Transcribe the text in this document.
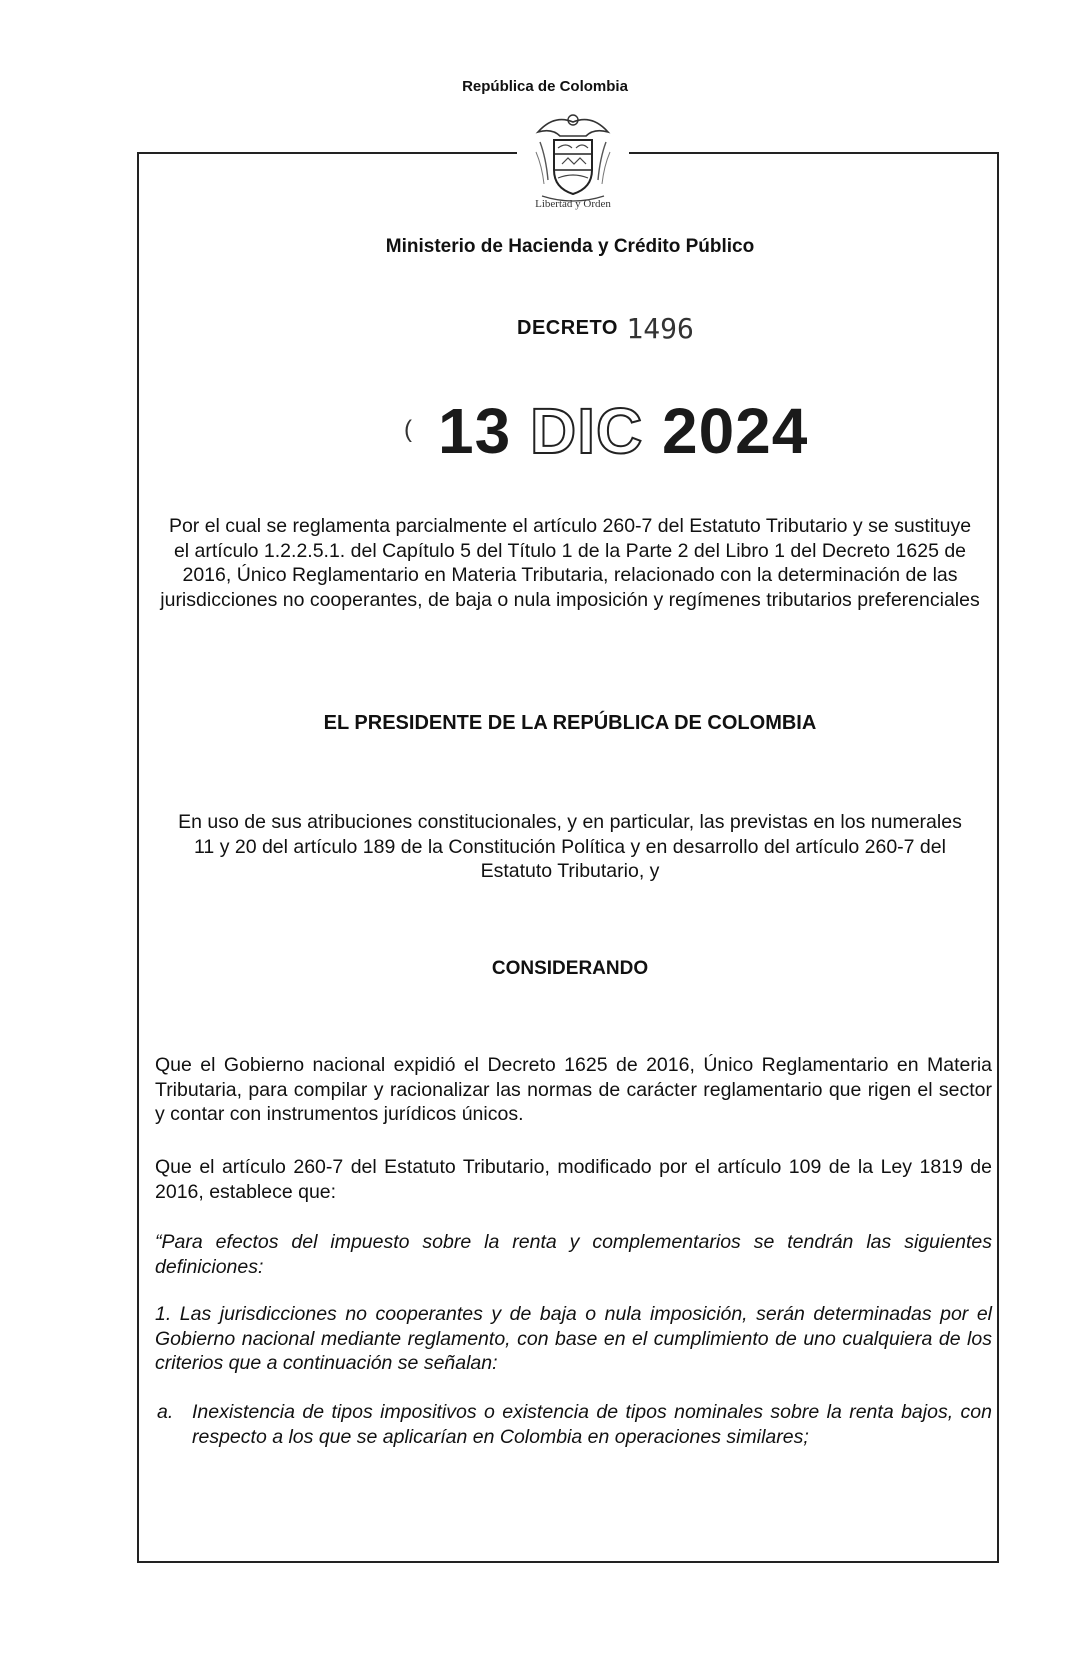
República de Colombia
Libertad y Orden
Ministerio de Hacienda y Crédito Público
DECRETO 1496
( 13 DIC 2024
Por el cual se reglamenta parcialmente el artículo 260-7 del Estatuto Tributario y se sustituye el artículo 1.2.2.5.1. del Capítulo 5 del Título 1 de la Parte 2 del Libro 1 del Decreto 1625 de 2016, Único Reglamentario en Materia Tributaria, relacionado con la determinación de las jurisdicciones no cooperantes, de baja o nula imposición y regímenes tributarios preferenciales
EL PRESIDENTE DE LA REPÚBLICA DE COLOMBIA
En uso de sus atribuciones constitucionales, y en particular, las previstas en los numerales 11 y 20 del artículo 189 de la Constitución Política y en desarrollo del artículo 260-7 del Estatuto Tributario, y
CONSIDERANDO
Que el Gobierno nacional expidió el Decreto 1625 de 2016, Único Reglamentario en Materia Tributaria, para compilar y racionalizar las normas de carácter reglamentario que rigen el sector y contar con instrumentos jurídicos únicos.
Que el artículo 260-7 del Estatuto Tributario, modificado por el artículo 109 de la Ley 1819 de 2016, establece que:
“Para efectos del impuesto sobre la renta y complementarios se tendrán las siguientes definiciones:
1. Las jurisdicciones no cooperantes y de baja o nula imposición, serán determinadas por el Gobierno nacional mediante reglamento, con base en el cumplimiento de uno cualquiera de los criterios que a continuación se señalan:
a. Inexistencia de tipos impositivos o existencia de tipos nominales sobre la renta bajos, con respecto a los que se aplicarían en Colombia en operaciones similares;
